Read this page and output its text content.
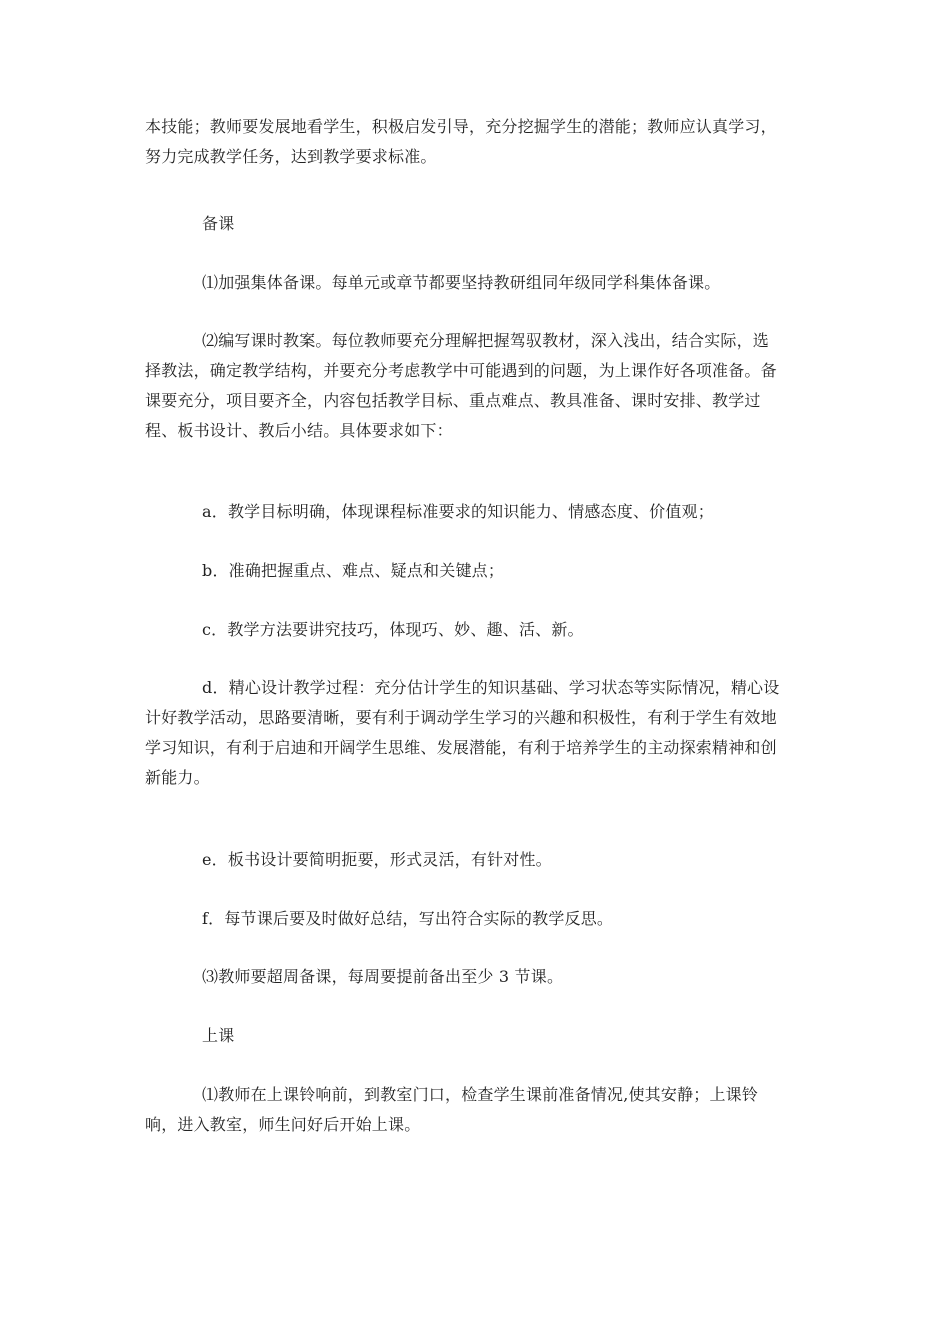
本技能；教师要发展地看学生，积极启发引导，充分挖掘学生的潜能；教师应认真学习，
努力完成教学任务，达到教学要求标准。
备课
⑴加强集体备课。每单元或章节都要坚持教研组同年级同学科集体备课。
⑵编写课时教案。每位教师要充分理解把握驾驭教材，深入浅出，结合实际，选
择教法，确定教学结构，并要充分考虑教学中可能遇到的问题，为上课作好各项准备。备
课要充分，项目要齐全，内容包括教学目标、重点难点、教具准备、课时安排、教学过
程、板书设计、教后小结。具体要求如下：
a．教学目标明确，体现课程标准要求的知识能力、情感态度、价值观；
b．准确把握重点、难点、疑点和关键点；
c．教学方法要讲究技巧，体现巧、妙、趣、活、新。
d．精心设计教学过程：充分估计学生的知识基础、学习状态等实际情况，精心设
计好教学活动，思路要清晰，要有利于调动学生学习的兴趣和积极性，有利于学生有效地
学习知识，有利于启迪和开阔学生思维、发展潜能，有利于培养学生的主动探索精神和创
新能力。
e．板书设计要简明扼要，形式灵活，有针对性。
f．每节课后要及时做好总结，写出符合实际的教学反思。
⑶教师要超周备课，每周要提前备出至少 3 节课。
上课
⑴教师在上课铃响前，到教室门口，检查学生课前准备情况,使其安静；上课铃
响，进入教室，师生问好后开始上课。
